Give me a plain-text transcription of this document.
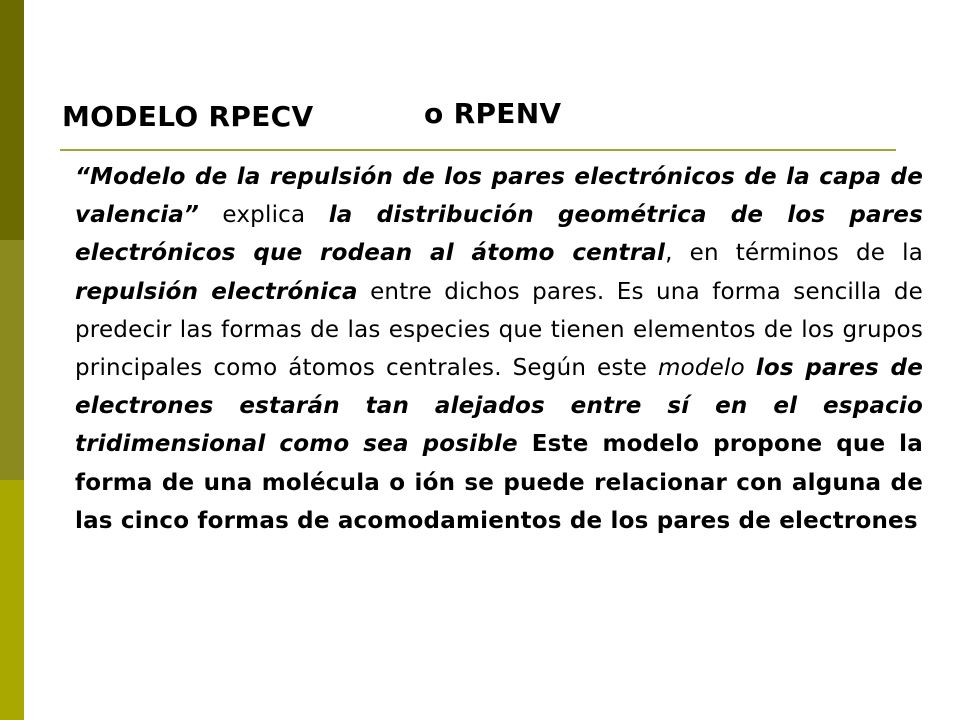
MODELO RPECV	o RPENV
“Modelo de la repulsión de los pares electrónicos de la capa de valencia” explica la distribución geométrica de los pares electrónicos que rodean al átomo central, en términos de la repulsión electrónica entre dichos pares. Es una forma sencilla de predecir las formas de las especies que tienen elementos de los grupos principales como átomos centrales. Según este modelo los pares de electrones estarán tan alejados entre sí en el espacio tridimensional como sea posible Este modelo propone que la forma de una molécula o ión se puede relacionar con alguna de las cinco formas de acomodamientos de los pares de electrones
